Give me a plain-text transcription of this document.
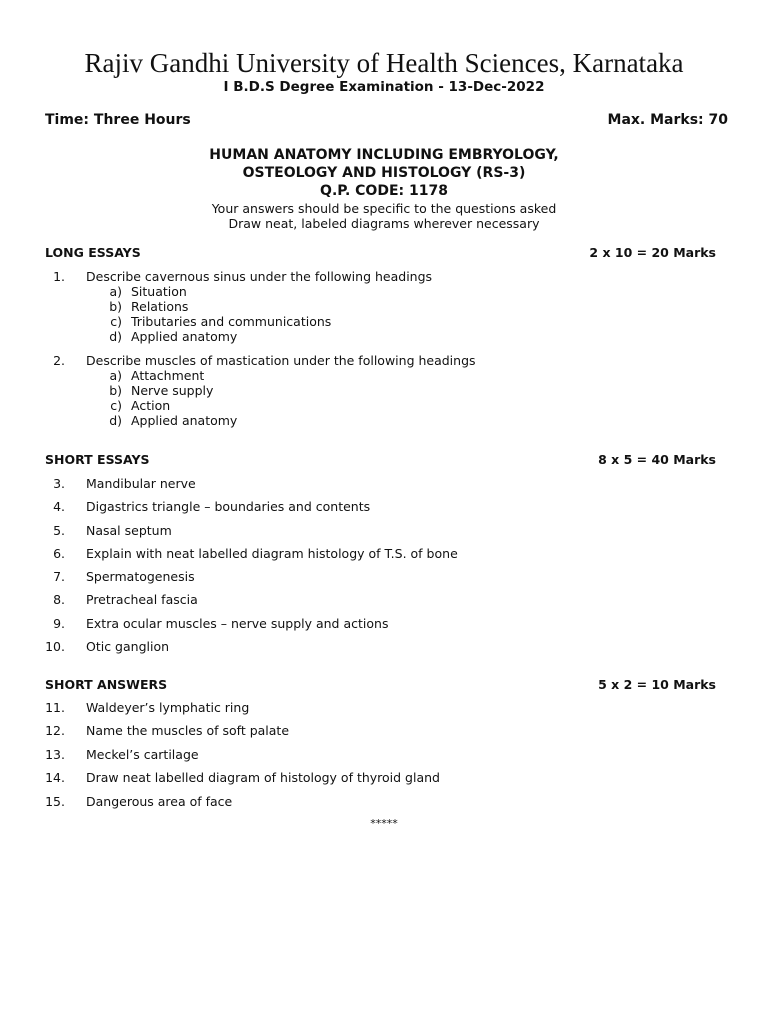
Rajiv Gandhi University of Health Sciences, Karnataka
I B.D.S Degree Examination - 13-Dec-2022
Time: Three Hours	Max. Marks: 70
HUMAN ANATOMY INCLUDING EMBRYOLOGY,
OSTEOLOGY AND HISTOLOGY (RS-3)
Q.P. CODE: 1178
Your answers should be specific to the questions asked
Draw neat, labeled diagrams wherever necessary
LONG ESSAYS	2 x 10 = 20 Marks
1. Describe cavernous sinus under the following headings
a) Situation
b) Relations
c) Tributaries and communications
d) Applied anatomy
2. Describe muscles of mastication under the following headings
a) Attachment
b) Nerve supply
c) Action
d) Applied anatomy
SHORT ESSAYS	8 x 5 = 40 Marks
3. Mandibular nerve
4. Digastrics triangle – boundaries and contents
5. Nasal septum
6. Explain with neat labelled diagram histology of T.S. of bone
7. Spermatogenesis
8. Pretracheal fascia
9. Extra ocular muscles – nerve supply and actions
10. Otic ganglion
SHORT ANSWERS	5 x 2 = 10 Marks
11. Waldeyer’s lymphatic ring
12. Name the muscles of soft palate
13. Meckel’s cartilage
14. Draw neat labelled diagram of histology of thyroid gland
15. Dangerous area of face
*****
